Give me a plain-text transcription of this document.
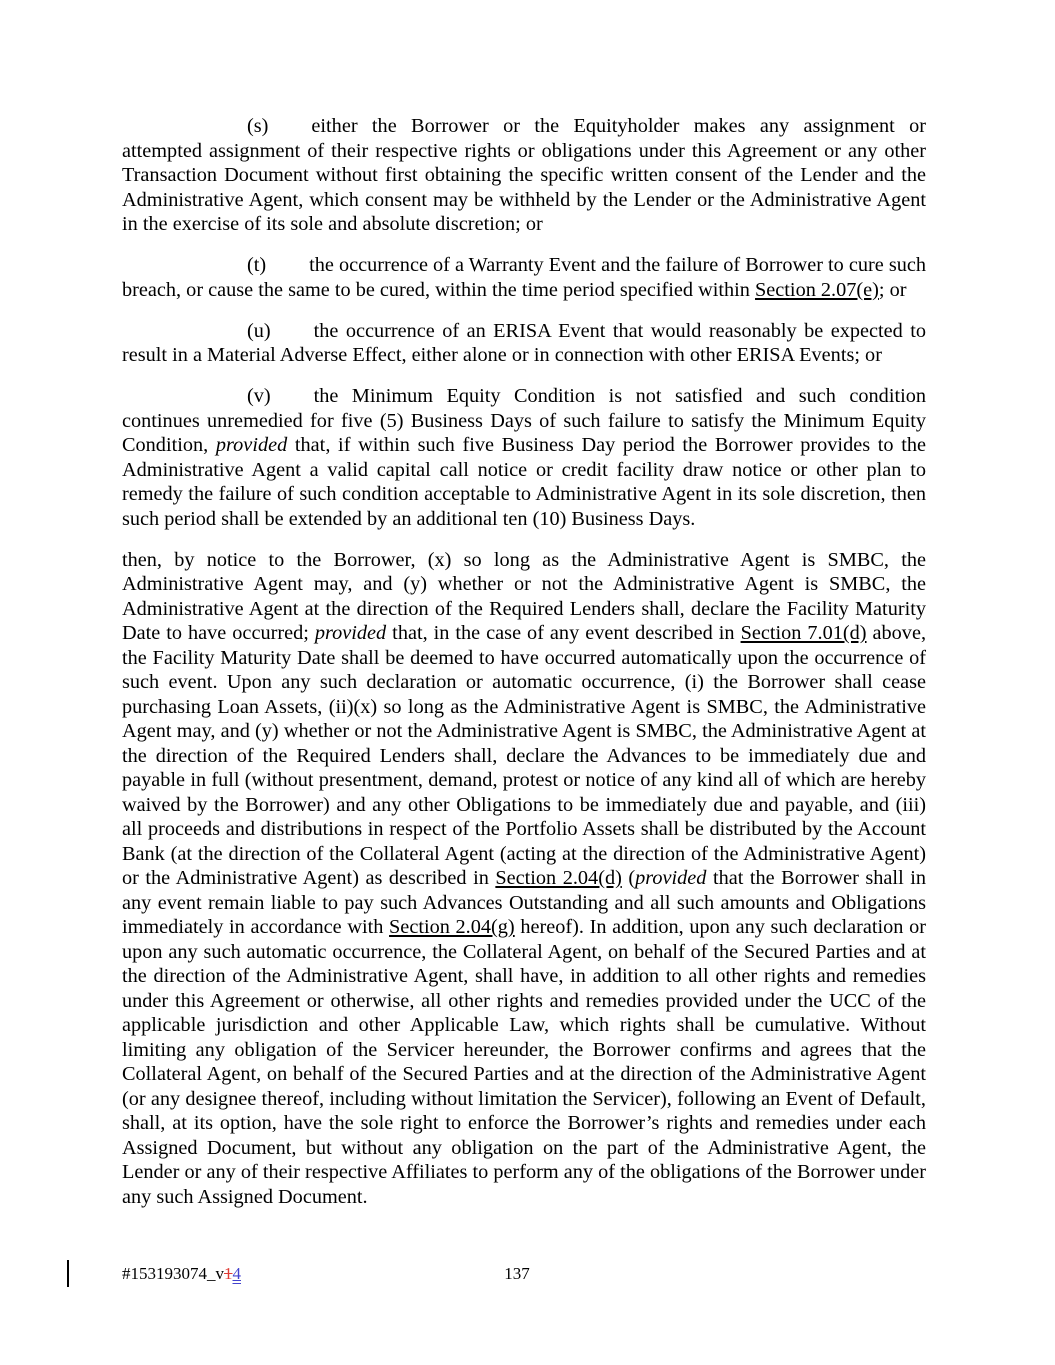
(s) either the Borrower or the Equityholder makes any assignment or attempted assignment of their respective rights or obligations under this Agreement or any other Transaction Document without first obtaining the specific written consent of the Lender and the Administrative Agent, which consent may be withheld by the Lender or the Administrative Agent in the exercise of its sole and absolute discretion; or

(t) the occurrence of a Warranty Event and the failure of Borrower to cure such breach, or cause the same to be cured, within the time period specified within Section 2.07(e); or

(u) the occurrence of an ERISA Event that would reasonably be expected to result in a Material Adverse Effect, either alone or in connection with other ERISA Events; or

(v) the Minimum Equity Condition is not satisfied and such condition continues unremedied for five (5) Business Days of such failure to satisfy the Minimum Equity Condition, provided that, if within such five Business Day period the Borrower provides to the Administrative Agent a valid capital call notice or credit facility draw notice or other plan to remedy the failure of such condition acceptable to Administrative Agent in its sole discretion, then such period shall be extended by an additional ten (10) Business Days.

then, by notice to the Borrower, (x) so long as the Administrative Agent is SMBC, the Administrative Agent may, and (y) whether or not the Administrative Agent is SMBC, the Administrative Agent at the direction of the Required Lenders shall, declare the Facility Maturity Date to have occurred; provided that, in the case of any event described in Section 7.01(d) above, the Facility Maturity Date shall be deemed to have occurred automatically upon the occurrence of such event. Upon any such declaration or automatic occurrence, (i) the Borrower shall cease purchasing Loan Assets, (ii)(x) so long as the Administrative Agent is SMBC, the Administrative Agent may, and (y) whether or not the Administrative Agent is SMBC, the Administrative Agent at the direction of the Required Lenders shall, declare the Advances to be immediately due and payable in full (without presentment, demand, protest or notice of any kind all of which are hereby waived by the Borrower) and any other Obligations to be immediately due and payable, and (iii) all proceeds and distributions in respect of the Portfolio Assets shall be distributed by the Account Bank (at the direction of the Collateral Agent (acting at the direction of the Administrative Agent) or the Administrative Agent) as described in Section 2.04(d) (provided that the Borrower shall in any event remain liable to pay such Advances Outstanding and all such amounts and Obligations immediately in accordance with Section 2.04(g) hereof). In addition, upon any such declaration or upon any such automatic occurrence, the Collateral Agent, on behalf of the Secured Parties and at the direction of the Administrative Agent, shall have, in addition to all other rights and remedies under this Agreement or otherwise, all other rights and remedies provided under the UCC of the applicable jurisdiction and other Applicable Law, which rights shall be cumulative. Without limiting any obligation of the Servicer hereunder, the Borrower confirms and agrees that the Collateral Agent, on behalf of the Secured Parties and at the direction of the Administrative Agent (or any designee thereof, including without limitation the Servicer), following an Event of Default, shall, at its option, have the sole right to enforce the Borrower’s rights and remedies under each Assigned Document, but without any obligation on the part of the Administrative Agent, the Lender or any of their respective Affiliates to perform any of the obligations of the Borrower under any such Assigned Document.

#153193074_v14	137
